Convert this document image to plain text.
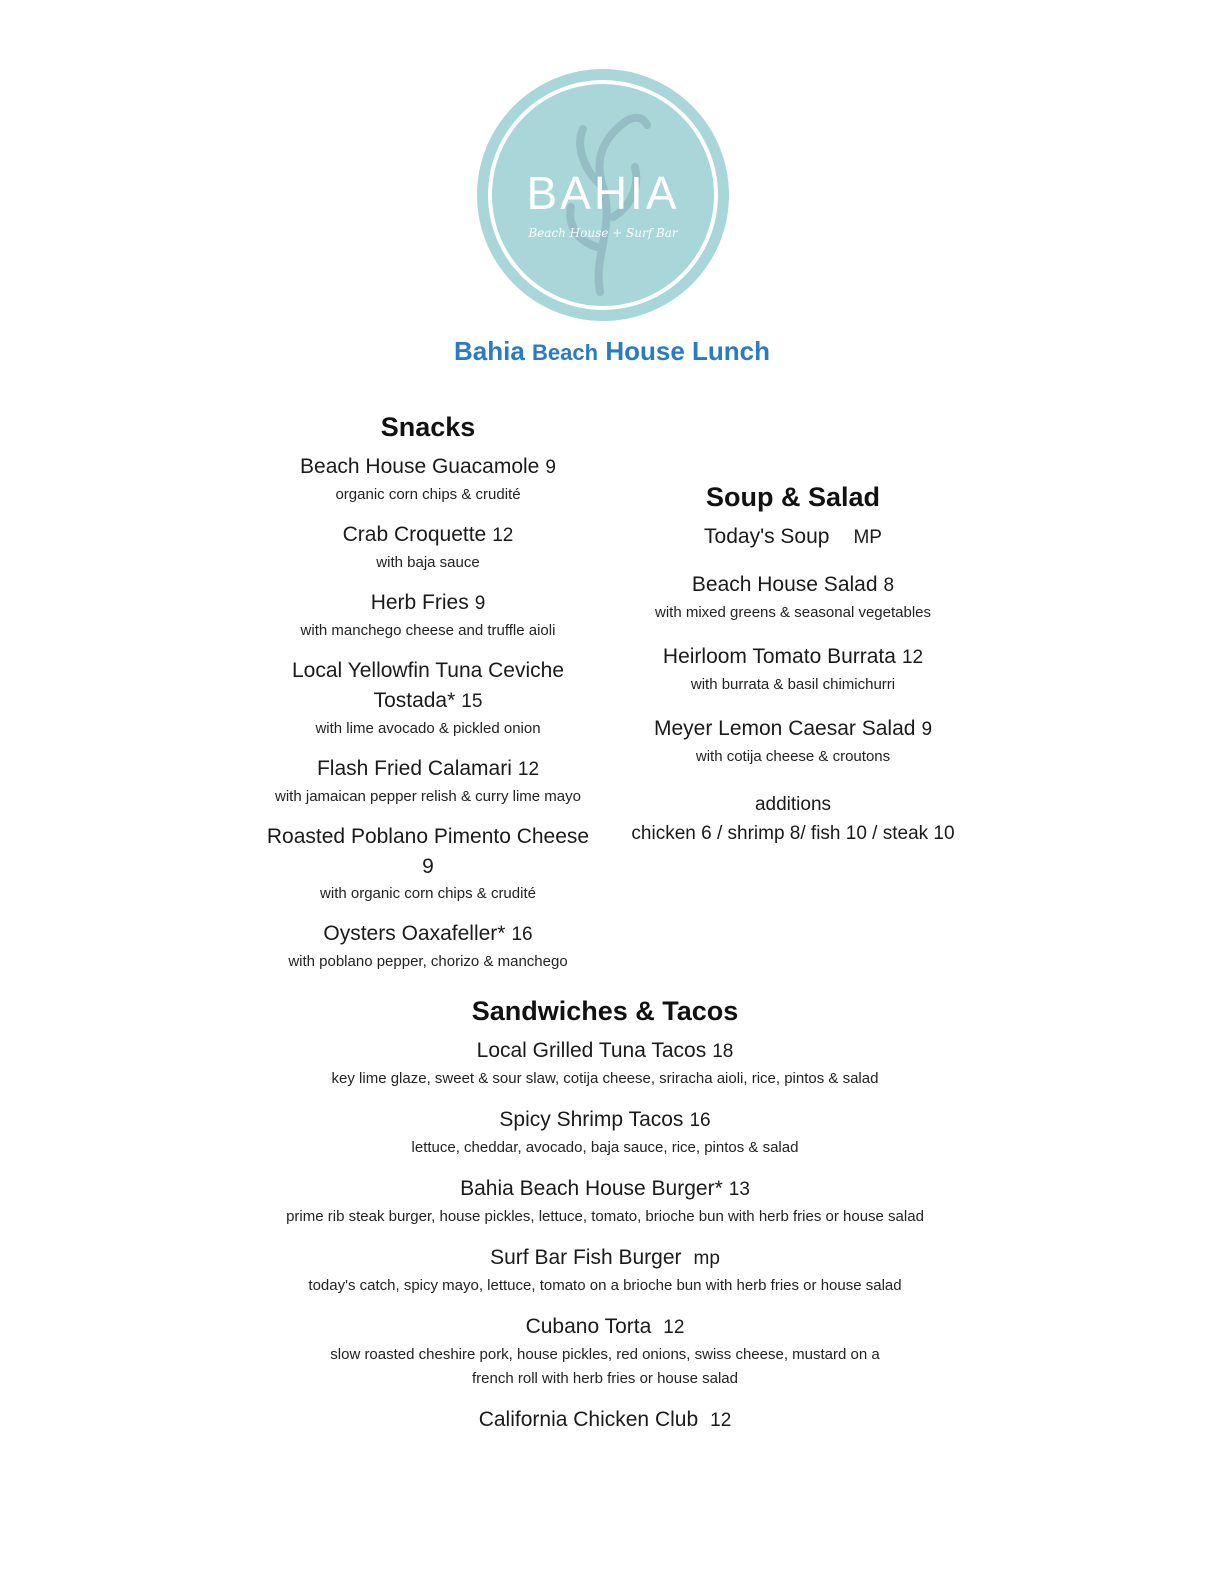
BAHIA
Beach House + Surf Bar
Bahia Beach House Lunch
Snacks
Beach House Guacamole 9
organic corn chips & crudité
Crab Croquette 12
with baja sauce
Herb Fries 9
with manchego cheese and truffle aioli
Local Yellowfin Tuna Ceviche Tostada* 15
with lime avocado & pickled onion
Flash Fried Calamari 12
with jamaican pepper relish & curry lime mayo
Roasted Poblano Pimento Cheese
9
with organic corn chips & crudité
Oysters Oaxafeller* 16
with poblano pepper, chorizo & manchego
Soup & Salad
Today's Soup MP
Beach House Salad 8
with mixed greens & seasonal vegetables
Heirloom Tomato Burrata 12
with burrata & basil chimichurri
Meyer Lemon Caesar Salad 9
with cotija cheese & croutons
additions
chicken 6 / shrimp 8/ fish 10 / steak 10
Sandwiches & Tacos
Local Grilled Tuna Tacos 18
key lime glaze, sweet & sour slaw, cotija cheese, sriracha aioli, rice, pintos & salad
Spicy Shrimp Tacos 16
lettuce, cheddar, avocado, baja sauce, rice, pintos & salad
Bahia Beach House Burger* 13
prime rib steak burger, house pickles, lettuce, tomato, brioche bun with herb fries or house salad
Surf Bar Fish Burger mp
today's catch, spicy mayo, lettuce, tomato on a brioche bun with herb fries or house salad
Cubano Torta 12
slow roasted cheshire pork, house pickles, red onions, swiss cheese, mustard on a french roll with herb fries or house salad
California Chicken Club 12
